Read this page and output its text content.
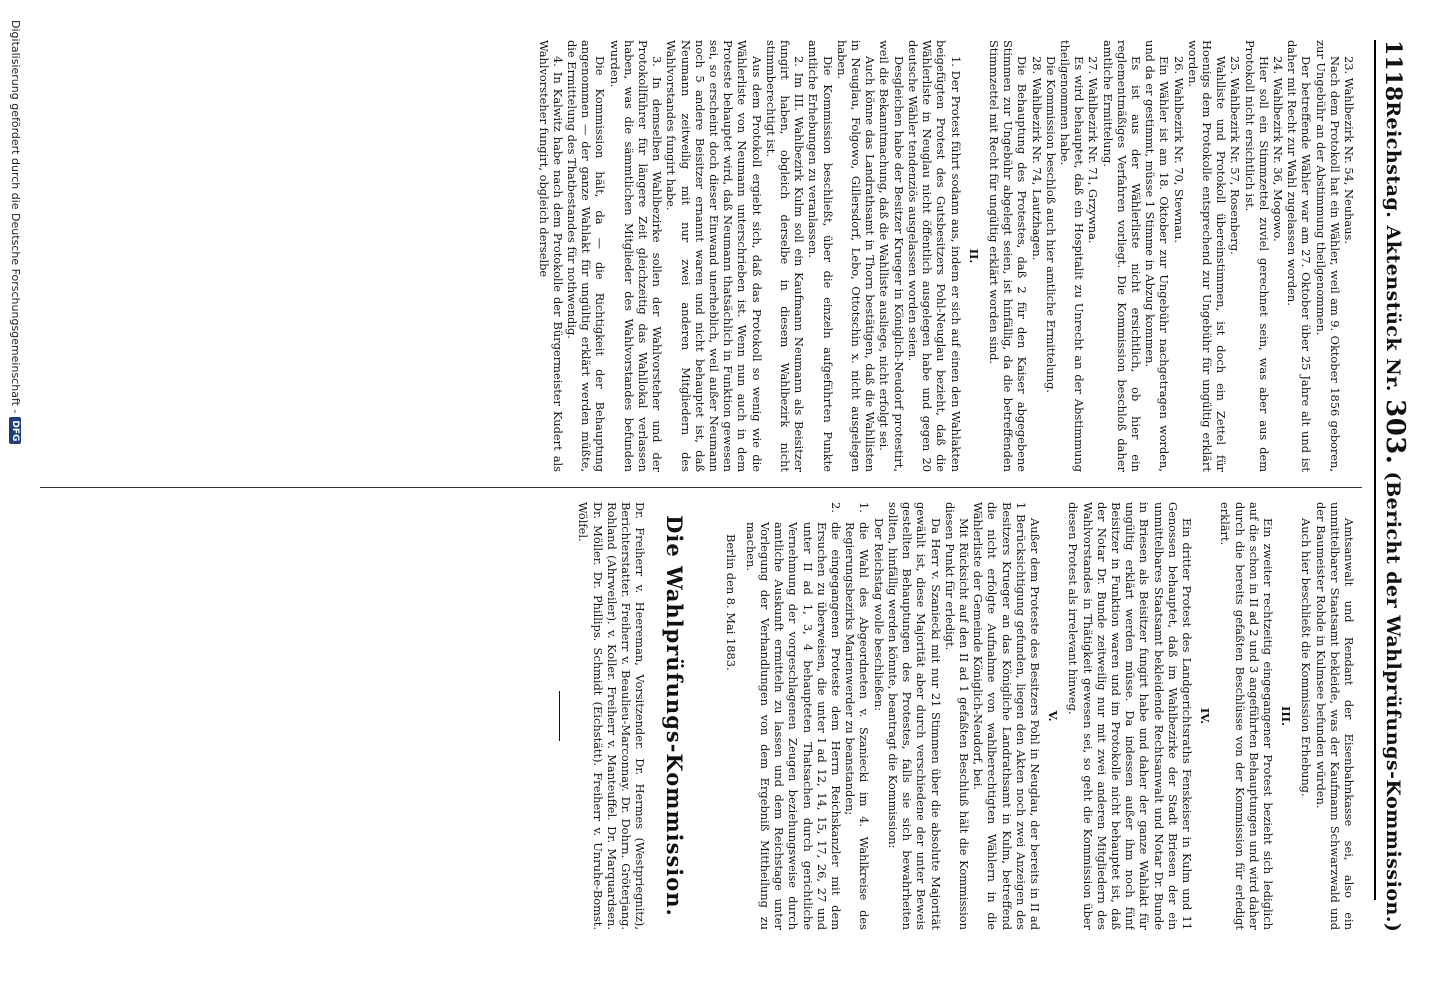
1118
Reichstag. Aktenstück Nr. 303. (Bericht der Wahlprüfungs-Kommission.)

23. Wahlbezirk Nr. 54, Neuhaus.

Nach dem Protokoll hat ein Wähler, weil am 9. Oktober 1856 geboren, zur Ungebühr an der Abstimmung theilgenommen.

Der betreffende Wähler war am 27. Oktober über 25 Jahre alt und ist daher mit Recht zur Wahl zugelassen worden.

24. Wahlbezirk Nr. 36, Mogowo.

Hier soll ein Stimmzettel zuviel gerechnet sein, was aber aus dem Protokoll nicht ersichtlich ist.

25. Wahlbezirk Nr. 57, Rosenberg.

Wahlliste und Protokoll übereinstimmen, ist doch ein Zettel für Hoenigs dem Protokolle entsprechend zur Ungebühr für ungültig erklärt worden.

26. Wahlbezirk Nr. 70, Stewnau.

Ein Wähler ist am 18. Oktober zur Ungebühr nachgetragen worden, und da er gestimmt, müsse 1 Stimme in Abzug kommen.

Es ist aus der Wählerliste nicht ersichtlich, ob hier ein reglementmäßiges Verfahren vorliegt. Die Kommission beschloß daher amtliche Ermittelung.

27. Wahlbezirk Nr. 71, Grzywna.

Es wird behauptet, daß ein Hospitalit zu Unrecht an der Abstimmung theilgenommen habe.

Die Kommission beschloß auch hier amtliche Ermittelung.

28. Wahlbezirk Nr. 74, Lautzhagen.

Die Behauptung des Protestes, daß 2 für den Kaiser abgegebene Stimmen zur Ungebühr abgelegt seien, ist hinfällig, da die betreffenden Stimmzettel mit Recht für ungültig erklärt worden sind.

II.

1. Der Protest führt sodann aus, indem er sich auf einen den Wahlakten beigefügten Protest des Gutsbesitzers Pohl-Neuglau bezieht, daß die Wählerliste in Neuglau nicht öffentlich ausgelegen habe und gegen 20 deutsche Wähler tendenziös ausgelassen worden seien.

Desgleichen habe der Besitzer Krueger in Königlich-Neudorf protestirt, weil die Bekanntmachung, daß die Wahlliste ausliege, nicht erfolgt sei.

Auch könne das Landrathsamt in Thorn bestätigen, daß die Wahllisten in Neuglau, Folgowo, Gillersdorf, Lebo, Ottotschin x. nicht ausgelegen haben.

Die Kommission beschließt, über die einzeln aufgeführten Punkte amtliche Erhebungen zu veranlassen.

2. Im III. Wahlbezirk Kulm soll ein Kaufmann Neumann als Beisitzer fungirt haben, obgleich derselbe in diesem Wahlbezirk nicht stimmberechtigt ist.

Aus dem Protokoll ergiebt sich, daß das Protokoll so wenig wie die Wählerliste von Neumann unterschrieben ist. Wenn nun auch in dem Proteste behauptet wird, daß Neumann thatsächlich in Funktion gewesen sei, so erscheint doch dieser Einwand unerheblich, weil außer Neumann noch 5 andere Beisitzer ernannt waren und nicht behauptet ist, daß Neumann zeitweilig mit nur zwei anderen Mitgliedern des Wahlvorstandes fungirt habe.

3. In demselben Wahlbezirke sollen der Wahlvorsteher und der Protokollführer für längere Zeit gleichzeitig das Wahllokal verlassen haben, was die sämmtlichen Mitglieder des Wahlvorstandes befunden wurden.

Die Kommission hält, da — die Richtigkeit der Behauptung angenommen — der ganze Wahlakt für ungültig erklärt werden müßte, die Ermittelung des Thatbestandes für nothwendig.

4. In Kalwitz habe nach dem Protokolle der Bürgermeister Kudert als Wahlvorsteher fungirt, obgleich derselbe

Amtsanwalt und Rendant der Eisenbahnkasse sei, also ein unmittelbarer Staatsamt bekleide, was der Kaufmann Schwarzwald und der Baumeister Rohde in Kulmsee befunden würden.

Auch hier beschließt die Kommission Erhebung.

III.

Ein zweiter rechtzeitig eingegangener Protest bezieht sich lediglich auf die schon in II ad 2 und 3 angeführten Behauptungen und wird daher durch die bereits gefaßten Beschlüsse von der Kommission für erledigt erklärt.

IV.

Ein dritter Protest des Landgerichtsraths Fenskeiser in Kulm und 11 Genossen behauptet, daß im Wahlbezirke der Stadt Briesen der ein unmittelbares Staatsamt bekleidende Rechtsanwalt und Notar Dr. Bunde in Briesen als Beisitzer fungirt habe und daher der ganze Wahlakt für ungültig erklärt werden müsse. Da indessen außer ihm noch fünf Beisitzer in Funktion waren und im Protokolle nicht behauptet ist, daß der Notar Dr. Bunde zeitweilig nur mit zwei anderen Mitgliedern des Wahlvorstandes in Thätigkeit gewesen sei, so geht die Kommission über diesen Protest als irrelevant hinweg.

V.

Außer dem Proteste des Besitzers Pohl in Neuglau, der bereits in II ad 1 Berücksichtigung gefunden, liegen den Akten noch zwei Anzeigen des Besitzers Krueger an das Königliche Landrathsamt in Kulm, betreffend die nicht erfolgte Aufnahme von wahlberechtigten Wählern in die Wählerliste der Gemeinde Königlich-Neudorf, bei.

Mit Rücksicht auf den II ad 1 gefaßten Beschluß hält die Kommission diesen Punkt für erledigt.

Da Herr v. Szaniecki mit nur 21 Stimmen über die absolute Majorität gewählt ist, diese Majorität aber durch verschiedene der unter Beweis gestellten Behauptungen des Protestes, falls sie sich bewahrheiten sollten, hinfällig werden könnte, beantragt die Kommission:

Der Reichstag wolle beschließen:

1.die Wahl des Abgeordneten v. Szaniecki im 4. Wahlkreise des Regierungsbezirks Marienwerder zu beanstanden;

2.die eingegangenen Proteste dem Herrn Reichskanzler mit dem Ersuchen zu überweisen, die unter I ad 12, 14, 15, 17, 26, 27 und unter II ad 1, 3, 4 behaupteten Thatsachen durch gerichtliche Vernehmung der vorgeschlagenen Zeugen beziehungsweise durch amtliche Auskunft ermitteln zu lassen und dem Reichstage unter Vorlegung der Verhandlungen von dem Ergebniß Mittheilung zu machen.

Berlin den 8. Mai 1883.

Die Wahlprüfungs-Kommission.

Dr. Freiherr v. Heereman, Vorsitzender. Dr. Hermes (Westpriegnitz), Berichterstatter. Freiherr v. Beaulieu-Marconnay. Dr. Dohrn. Gröterjang. Rohland (Ahrweiler). v. Koller. Freiherr v. Manteuffel. Dr. Marquardsen. Dr. Möller. Dr. Phillips. Schmidt (Eichstätt). Freiherr v. Unruhe-Bomst. Wölfel.

Digitalisierung gefördert durch die Deutsche Forschungsgemeinschaft -
DFG
